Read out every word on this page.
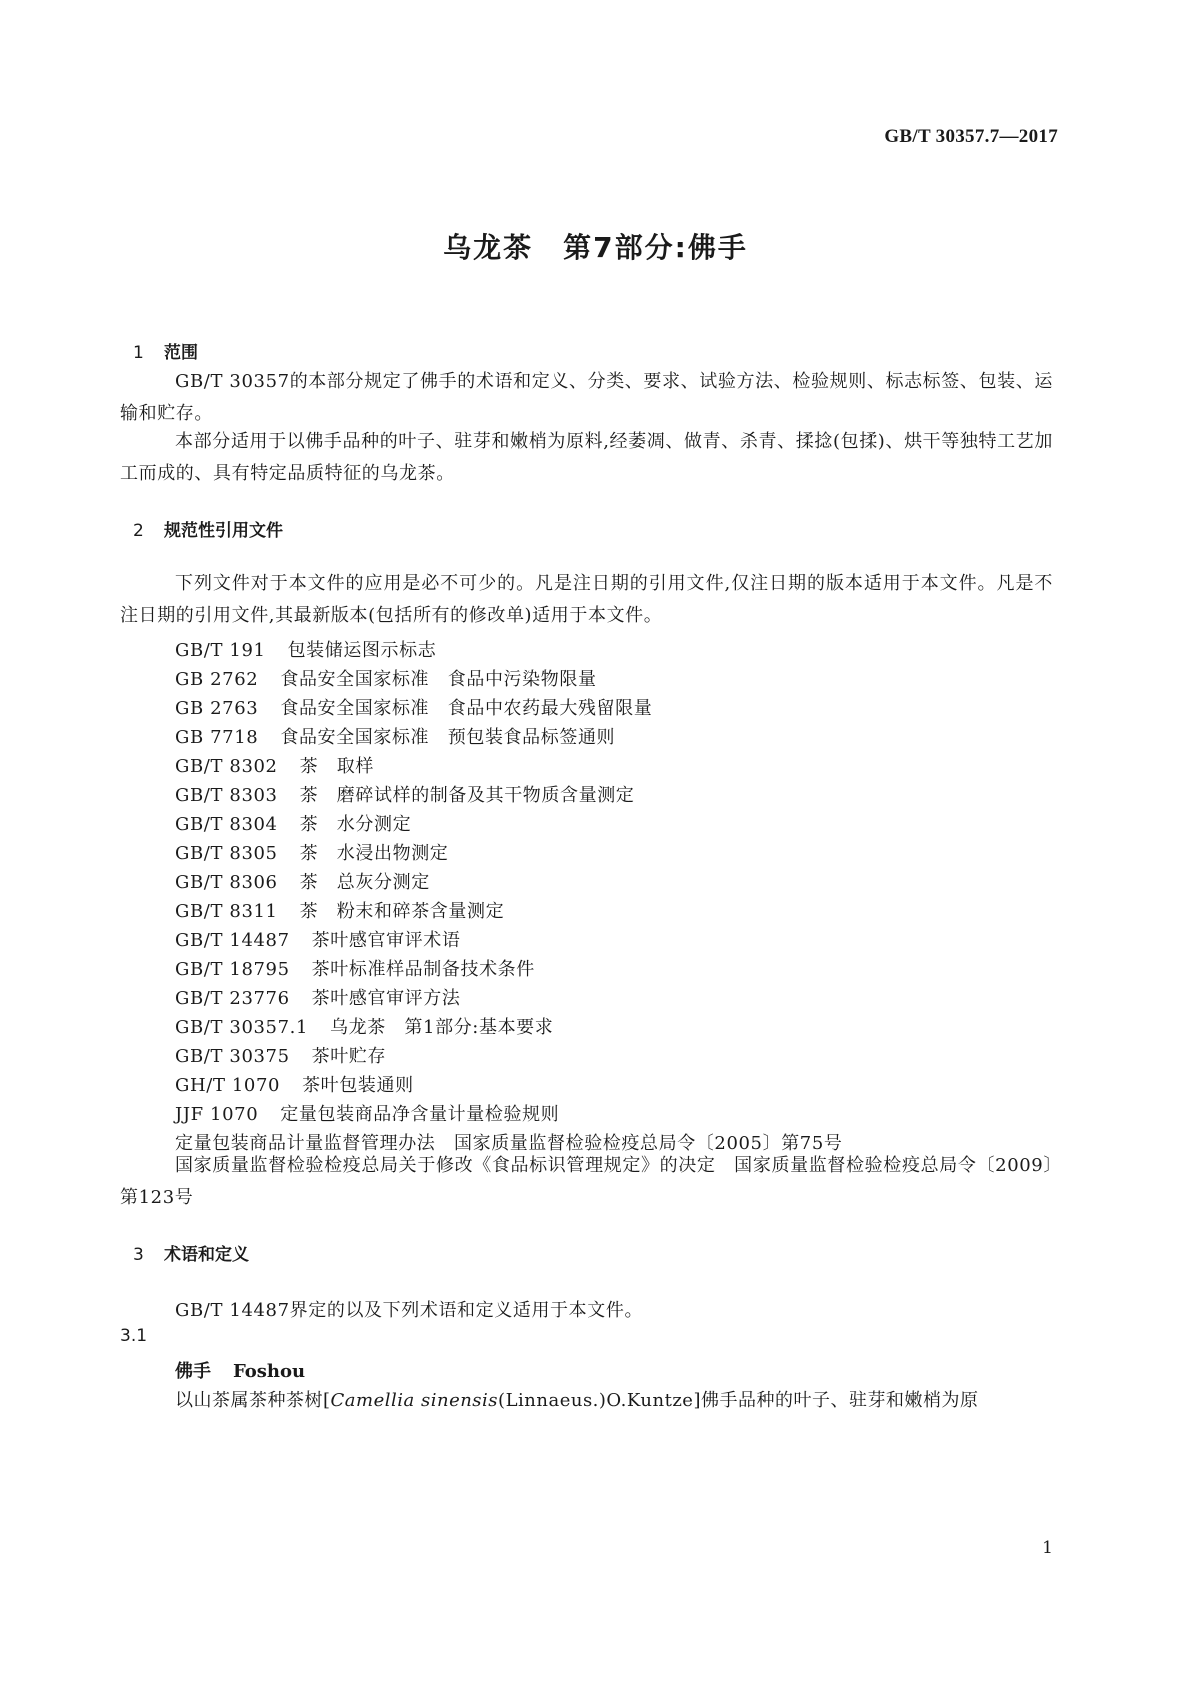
GB/T 30357.7—2017
乌龙茶　第7部分:佛手
1 范围
GB/T 30357的本部分规定了佛手的术语和定义、分类、要求、试验方法、检验规则、标志标签、包装、运输和贮存。
本部分适用于以佛手品种的叶子、驻芽和嫩梢为原料,经萎凋、做青、杀青、揉捻(包揉)、烘干等独特工艺加工而成的、具有特定品质特征的乌龙茶。
2 规范性引用文件
下列文件对于本文件的应用是必不可少的。凡是注日期的引用文件,仅注日期的版本适用于本文件。凡是不注日期的引用文件,其最新版本(包括所有的修改单)适用于本文件。
GB/T 191 包装储运图示标志
GB 2762 食品安全国家标准　食品中污染物限量
GB 2763 食品安全国家标准　食品中农药最大残留限量
GB 7718 食品安全国家标准　预包装食品标签通则
GB/T 8302 茶　取样
GB/T 8303 茶　磨碎试样的制备及其干物质含量测定
GB/T 8304 茶　水分测定
GB/T 8305 茶　水浸出物测定
GB/T 8306 茶　总灰分测定
GB/T 8311 茶　粉末和碎茶含量测定
GB/T 14487 茶叶感官审评术语
GB/T 18795 茶叶标准样品制备技术条件
GB/T 23776 茶叶感官审评方法
GB/T 30357.1 乌龙茶　第1部分:基本要求
GB/T 30375 茶叶贮存
GH/T 1070 茶叶包装通则
JJF 1070 定量包装商品净含量计量检验规则
定量包装商品计量监督管理办法　国家质量监督检验检疫总局令〔2005〕第75号
国家质量监督检验检疫总局关于修改《食品标识管理规定》的决定　国家质量监督检验检疫总局令〔2009〕第123号
3 术语和定义
GB/T 14487界定的以及下列术语和定义适用于本文件。
3.1
佛手 Foshou
以山茶属茶种茶树[Camellia sinensis(Linnaeus.)O.Kuntze]佛手品种的叶子、驻芽和嫩梢为原
1
